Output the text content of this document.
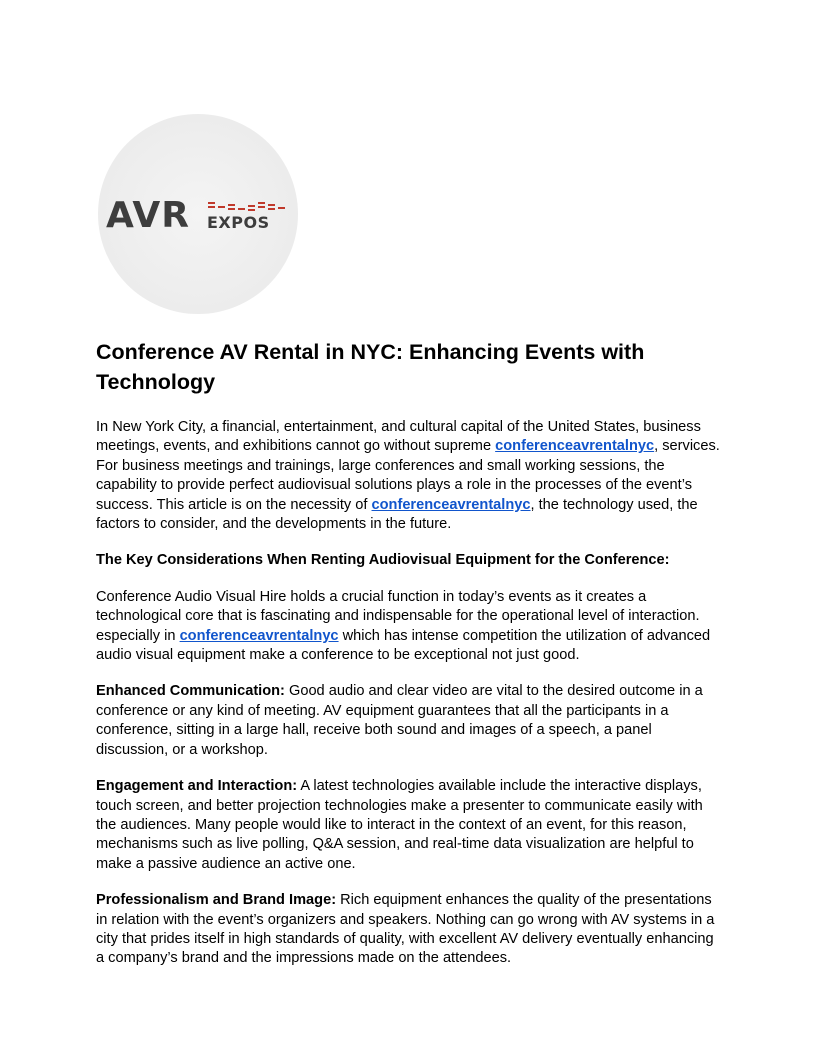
AVR EXPOS
Conference AV Rental in NYC: Enhancing Events with Technology

In New York City, a financial, entertainment, and cultural capital of the United States, business meetings, events, and exhibitions cannot go without supreme conferenceavrentalnyc, services. For business meetings and trainings, large conferences and small working sessions, the capability to provide perfect audiovisual solutions plays a role in the processes of the event’s success. This article is on the necessity of conferenceavrentalnyc, the technology used, the factors to consider, and the developments in the future.

The Key Considerations When Renting Audiovisual Equipment for the Conference:

Conference Audio Visual Hire holds a crucial function in today’s events as it creates a technological core that is fascinating and indispensable for the operational level of interaction. especially in conferenceavrentalnyc which has intense competition the utilization of advanced audio visual equipment make a conference to be exceptional not just good.

Enhanced Communication: Good audio and clear video are vital to the desired outcome in a conference or any kind of meeting. AV equipment guarantees that all the participants in a conference, sitting in a large hall, receive both sound and images of a speech, a panel discussion, or a workshop.

Engagement and Interaction: A latest technologies available include the interactive displays, touch screen, and better projection technologies make a presenter to communicate easily with the audiences. Many people would like to interact in the context of an event, for this reason, mechanisms such as live polling, Q&A session, and real-time data visualization are helpful to make a passive audience an active one.

Professionalism and Brand Image: Rich equipment enhances the quality of the presentations in relation with the event’s organizers and speakers. Nothing can go wrong with AV systems in a city that prides itself in high standards of quality, with excellent AV delivery eventually enhancing a company’s brand and the impressions made on the attendees.
